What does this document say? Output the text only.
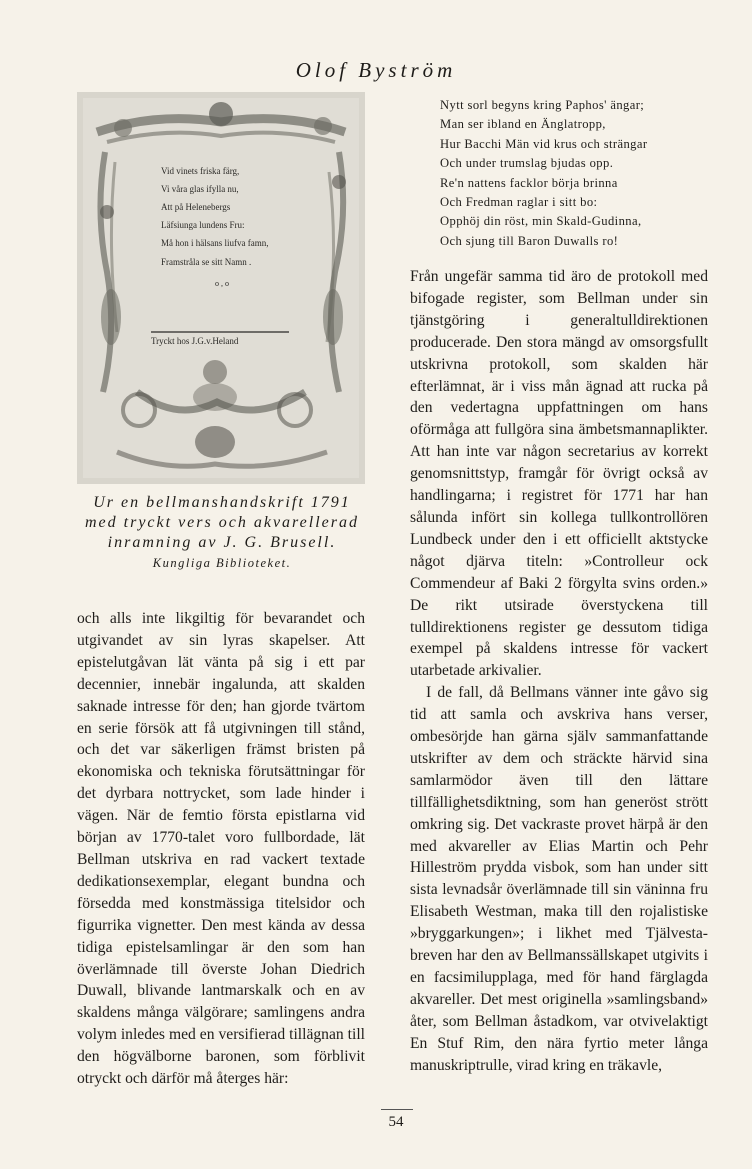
Olof Byström
Vid vinets friska färg,
Vi våra glas ifylla nu,
Att på Helenebergs
Läfsiunga lundens Fru:
Må hon i hälsans liufva famn,
Framstråla se sitt Namn .
o , o
Tryckt hos J.G.v.Heland
Ur en bellmanshandskrift 1791
med tryckt vers och akvarellerad
inramning av J. G. Brusell.
Kungliga Biblioteket.
Nytt sorl begyns kring Paphos' ängar;
Man ser ibland en Änglatropp,
Hur Bacchi Män vid krus och strängar
Och under trumslag bjudas opp.
Re'n nattens facklor börja brinna
Och Fredman raglar i sitt bo:
Opphöj din röst, min Skald-Gudinna,
Och sjung till Baron Duwalls ro!

och alls inte likgiltig för bevarandet och utgivandet av sin lyras skapelser. Att epistelutgåvan lät vänta på sig i ett par decennier, innebär ingalunda, att skalden saknade intresse för den; han gjorde tvärtom en serie försök att få utgivningen till stånd, och det var säkerligen främst bristen på ekonomiska och tekniska förutsättningar för det dyrbara nottrycket, som lade hinder i vägen. När de femtio första epistlarna vid början av 1770-talet voro fullbordade, lät Bellman utskriva en rad vackert textade dedikationsexemplar, elegant bundna och försedda med konstmässiga titelsidor och figurrika vignetter. Den mest kända av dessa tidiga epistelsamlingar är den som han överlämnade till överste Johan Diedrich Duwall, blivande lantmarskalk och en av skaldens många välgörare; samlingens andra volym inledes med en versifierad tillägnan till den högvälborne baronen, som förblivit otryckt och därför må återges här:

Från ungefär samma tid äro de protokoll med bifogade register, som Bellman under sin tjänstgöring i generaltulldirektionen producerade. Den stora mängd av omsorgsfullt utskrivna protokoll, som skalden här efterlämnat, är i viss mån ägnad att rucka på den vedertagna uppfattningen om hans oförmåga att fullgöra sina ämbetsmannaplikter. Att han inte var någon secretarius av korrekt genomsnittstyp, framgår för övrigt också av handlingarna; i registret för 1771 har han sålunda infört sin kollega tullkontrollören Lundbeck under den i ett officiellt aktstycke något djärva titeln: »Controlleur ock Commendeur af Baki 2 förgylta svins orden.» De rikt utsirade överstyckena till tulldirektionens register ge dessutom tidiga exempel på skaldens intresse för vackert utarbetade arkivalier.

I de fall, då Bellmans vänner inte gåvo sig tid att samla och avskriva hans verser, ombesörjde han gärna själv sammanfattande utskrifter av dem och sträckte härvid sina samlarmödor även till den lättare tillfällighetsdiktning, som han generöst strött omkring sig. Det vackraste provet härpå är den med akvareller av Elias Martin och Pehr Hilleström prydda visbok, som han under sitt sista levnadsår överlämnade till sin väninna fru Elisabeth Westman, maka till den rojalistiske »bryggarkungen»; i likhet med Tjälvesta-breven har den av Bellmanssällskapet utgivits i en facsimilupplaga, med för hand färglagda akvareller. Det mest originella »samlingsband» åter, som Bellman åstadkom, var otvivelaktigt En Stuf Rim, den nära fyrtio meter långa manuskriptrulle, virad kring en träkavle,

54
